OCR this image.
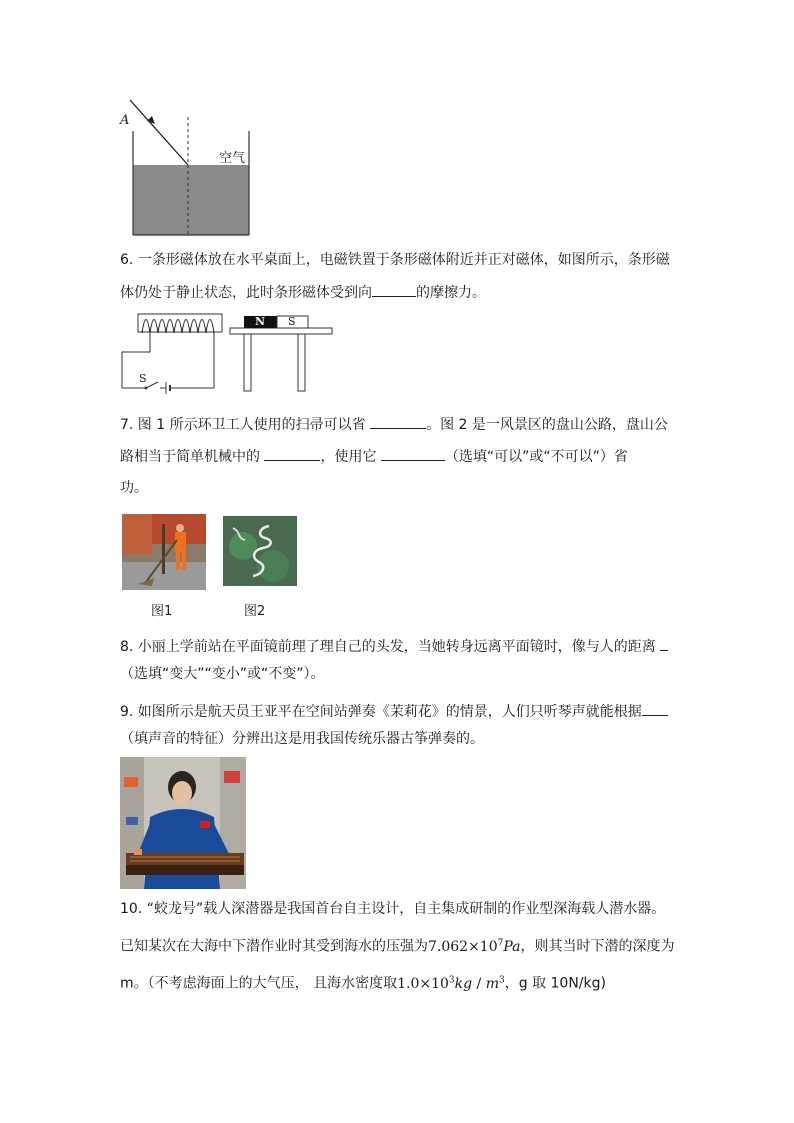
A
空气
6. 一条形磁体放在水平桌面上，电磁铁置于条形磁体附近并正对磁体，如图所示，条形磁
体仍处于静止状态，此时条形磁体受到向	的摩擦力。
S
N S
7. 图 1 所示环卫工人使用的扫帚可以省	。图 2 是一风景区的盘山公路，盘山公
路相当于简单机械中的	，使用它	（选填“可以”或“不可以”）省
功。
图1	图2
8. 小丽上学前站在平面镜前理了理自己的头发，当她转身远离平面镜时，像与人的距离
（选填“变大”“变小”或“不变”）。
9. 如图所示是航天员王亚平在空间站弹奏《茉莉花》的情景，人们只听琴声就能根据
（填声音的特征）分辨出这是用我国传统乐器古筝弹奏的。
10. “蛟龙号”载人深潜器是我国首台自主设计，自主集成研制的作业型深海载人潜水器。
已知某次在大海中下潜作业时其受到海水的压强为$7.062\times 10^7Pa$，则其当时下潜的深度为
m。（不考虑海面上的大气压， 且海水密度取$1.0\times 10^3kg / m^3$，g 取 10N/kg)
